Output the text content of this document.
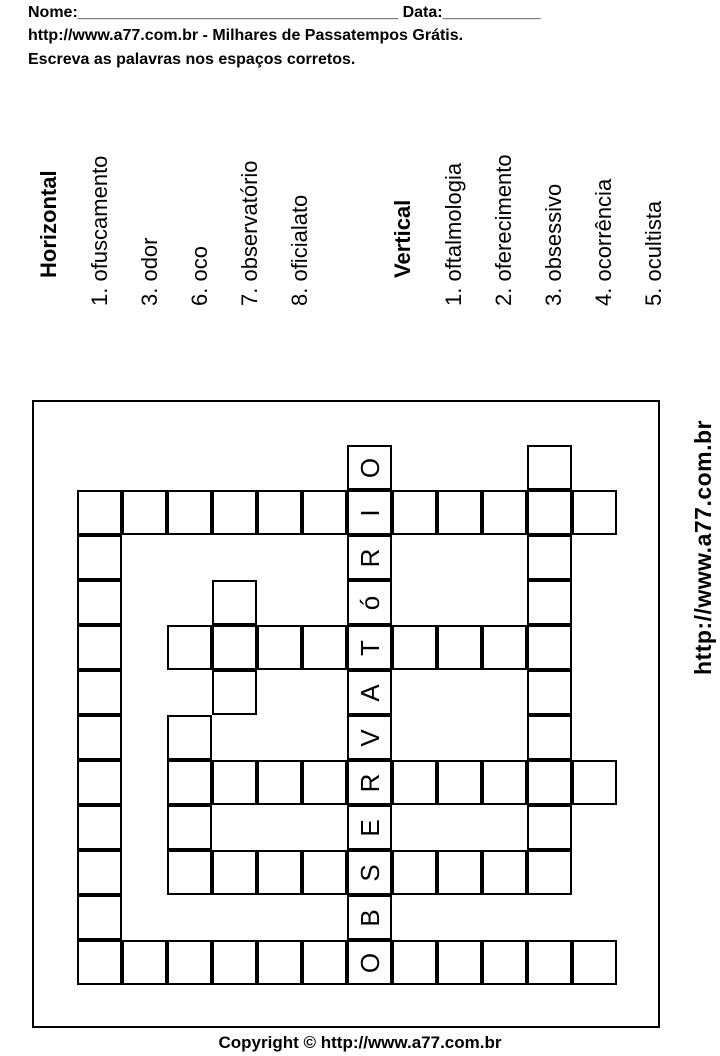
Nome:____________________________________ Data:___________
http://www.a77.com.br - Milhares de Passatempos Grátis.
Escreva as palavras nos espaços corretos.
Horizontal 1. ofuscamento 3. odor 6. oco 7. observatório 8. oficialato	Vertical 1. oftalmologia 2. oferecimento 3. obsessivo 4. ocorrência 5. ocultista
http://www.a77.com.br
O
I
R
ó
T
A
V
R
E
S
B
O
Copyright © http://www.a77.com.br
